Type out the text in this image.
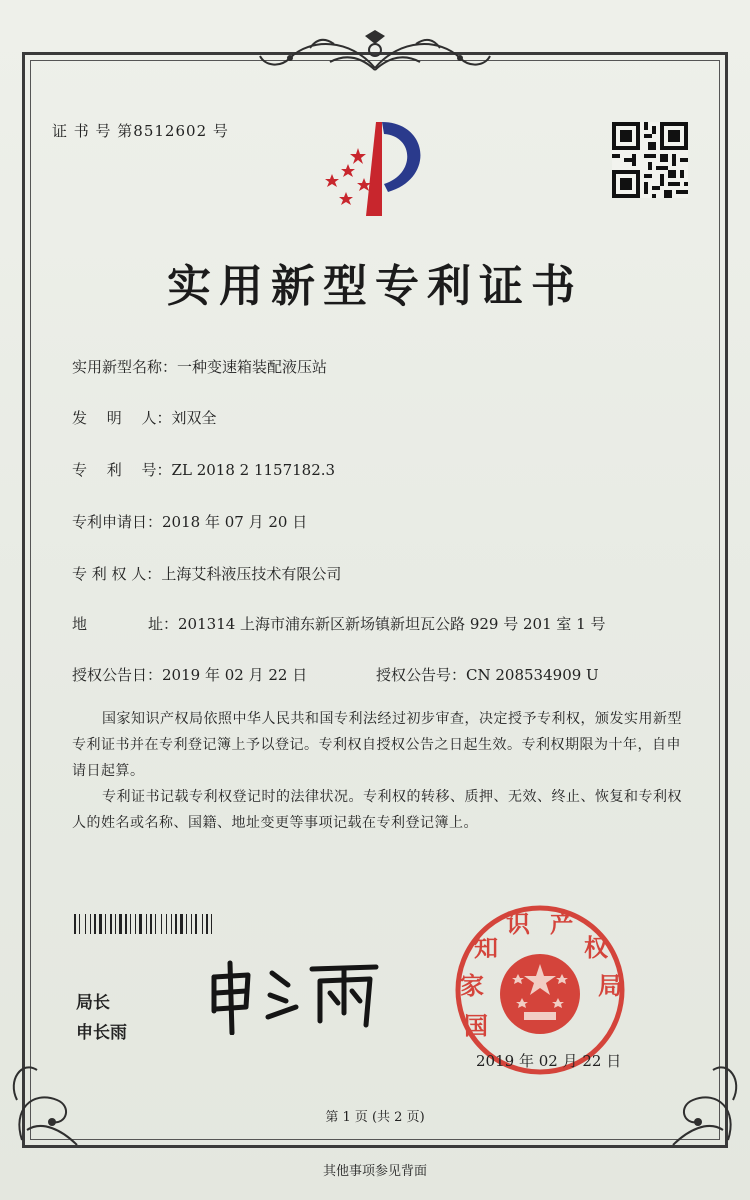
证 书 号 第8512602 号
实用新型专利证书
实用新型名称：一种变速箱装配液压站
发　 明　 人：刘双全
专　 利　 号：ZL 2018 2 1157182.3
专利申请日：2018 年 07 月 20 日
专 利 权 人：上海艾科液压技术有限公司
地	址：201314 上海市浦东新区新场镇新坦瓦公路 929 号 201 室 1 号
授权公告日：2019 年 02 月 22 日	授权公告号：CN 208534909 U
国家知识产权局依照中华人民共和国专利法经过初步审查，决定授予专利权，颁发实用新型专利证书并在专利登记簿上予以登记。专利权自授权公告之日起生效。专利权期限为十年，自申请日起算。
专利证书记载专利权登记时的法律状况。专利权的转移、质押、无效、终止、恢复和专利权人的姓名或名称、国籍、地址变更等事项记载在专利登记簿上。
局长
申长雨	国
家
知
识 产
权
局
2019 年 02 月 22 日
第 1 页 (共 2 页)
其他事项参见背面
